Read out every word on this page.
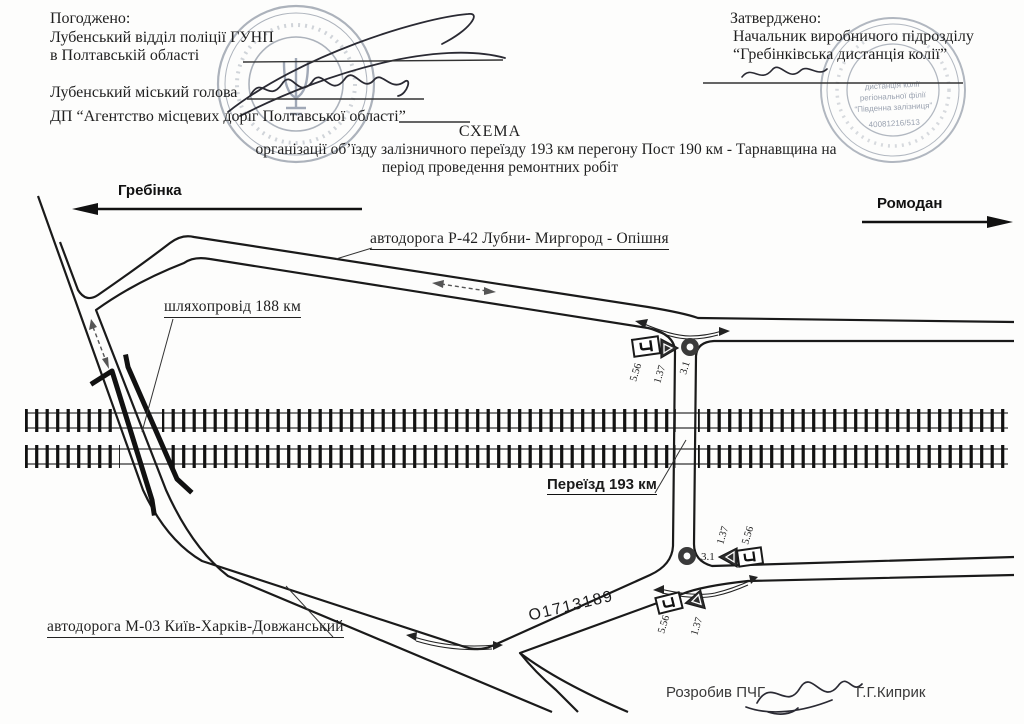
дистанція колії
регіональної філії
“Південна залізниця”
40081216/513
5.56 1.37 3.1
3.1
1.37 5.56
5.56 1.37
Погоджено:
Лубенський відділ поліції ГУНП
в Полтавській області
Лубенський міський голова
ДП “Агентство місцевих доріг Полтавської області”
Затверджено:
Начальник виробничого підрозділу
“Гребінківська дистанція колії”
СХЕМА
організації об’їзду залізничного переїзду 193 км перегону Пост 190 км - Тарнавщина на
період проведення ремонтних робіт
Гребінка
Ромодан
автодорога Р-42 Лубни- Миргород - Опішня
шляхопровід 188 км
Переїзд 193 км
автодорога М-03 Київ-Харків-Довжанський
О1713189
Розробив ПЧГ	Г.Г.Киприк
